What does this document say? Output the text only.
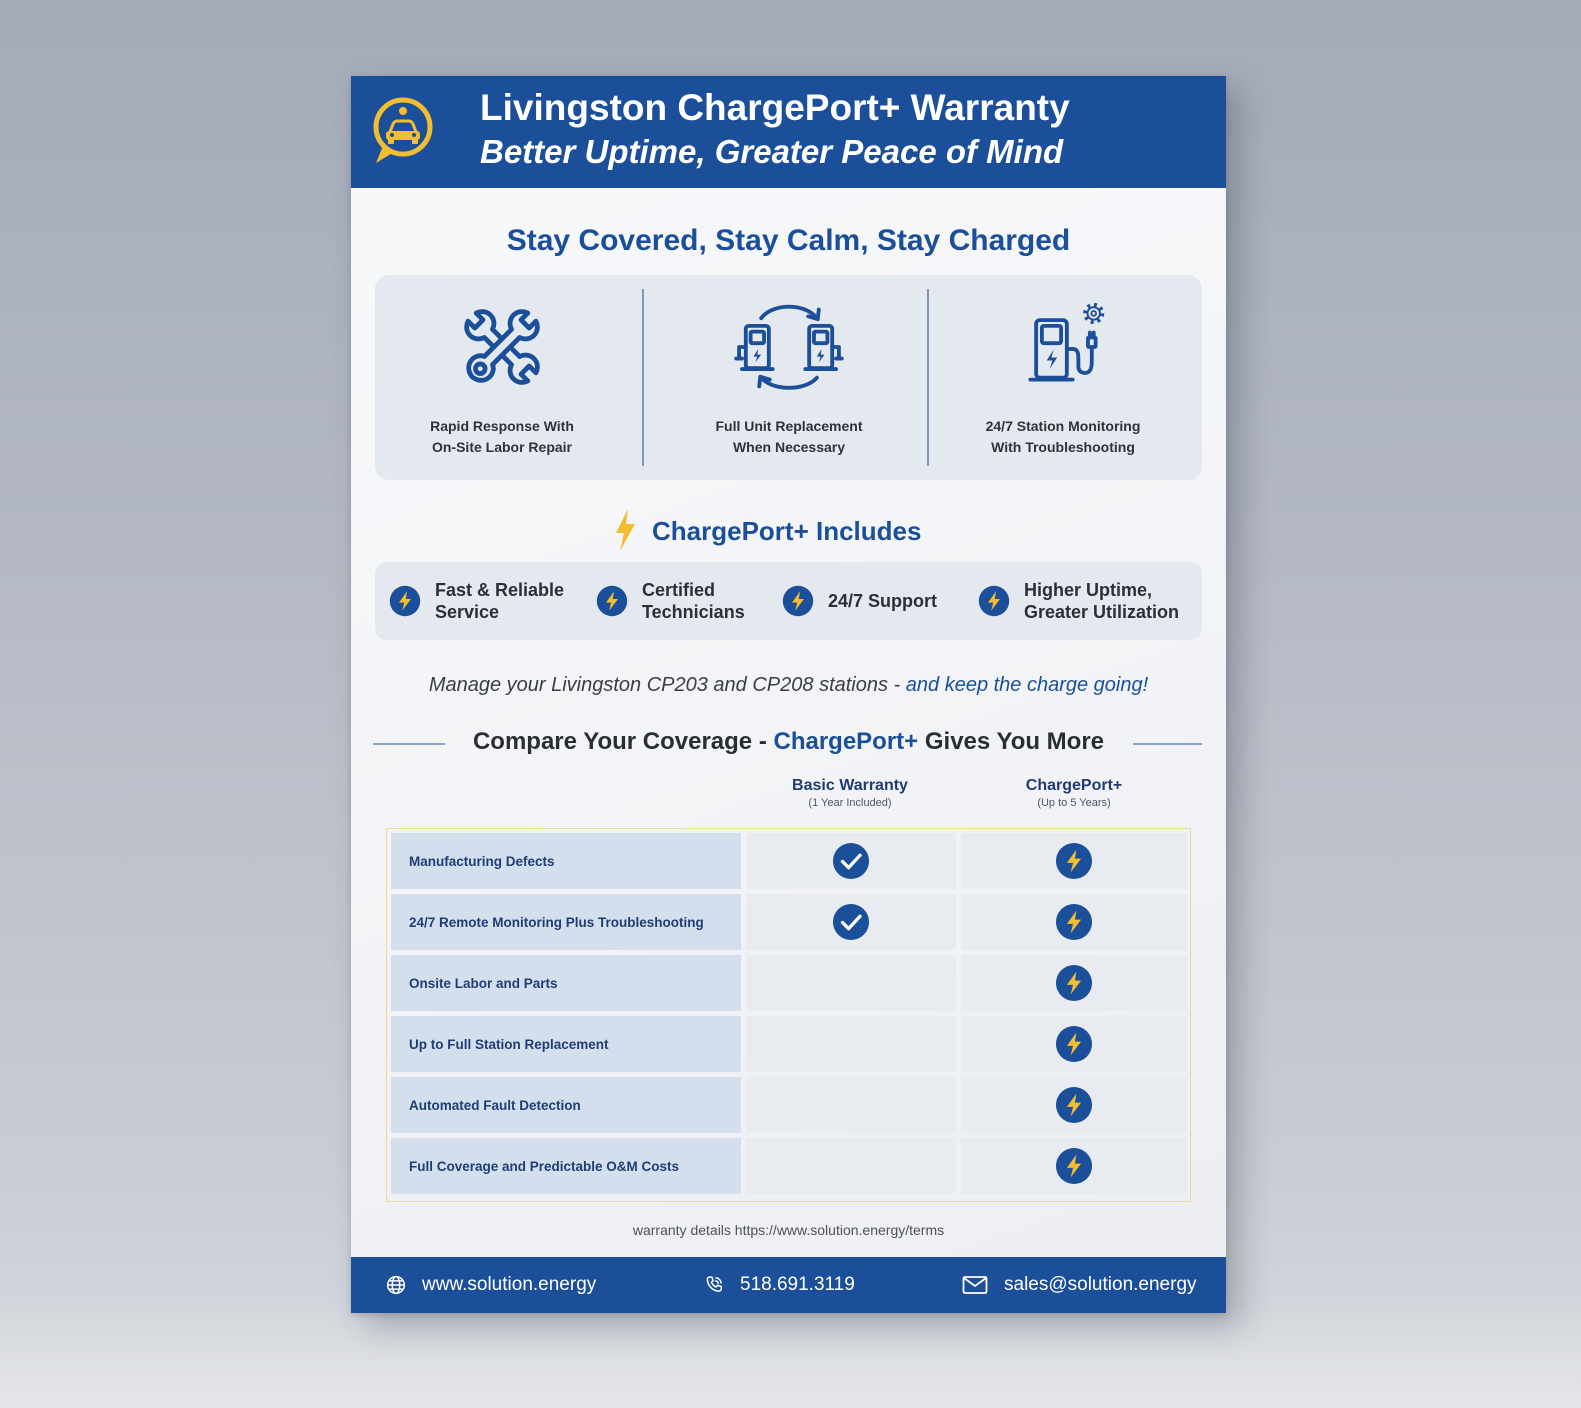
Livingston ChargePort+ Warranty
Better Uptime, Greater Peace of Mind
Stay Covered, Stay Calm, Stay Charged
Rapid Response With
On-Site Labor Repair
Full Unit Replacement
When Necessary
24/7 Station Monitoring
With Troubleshooting
ChargePort+ Includes
Fast & Reliable
Service
Certified
Technicians
24/7 Support
Higher Uptime,
Greater Utilization
Manage your Livingston CP203 and CP208 stations - and keep the charge going!
Compare Your Coverage - ChargePort+ Gives You More
Basic Warranty
(1 Year Included)
ChargePort+
(Up to 5 Years)
Manufacturing Defects
24/7 Remote Monitoring Plus Troubleshooting
Onsite Labor and Parts
Up to Full Station Replacement
Automated Fault Detection
Full Coverage and Predictable O&M Costs
warranty details https://www.solution.energy/terms
www.solution.energy	518.691.3119	sales@solution.energy
